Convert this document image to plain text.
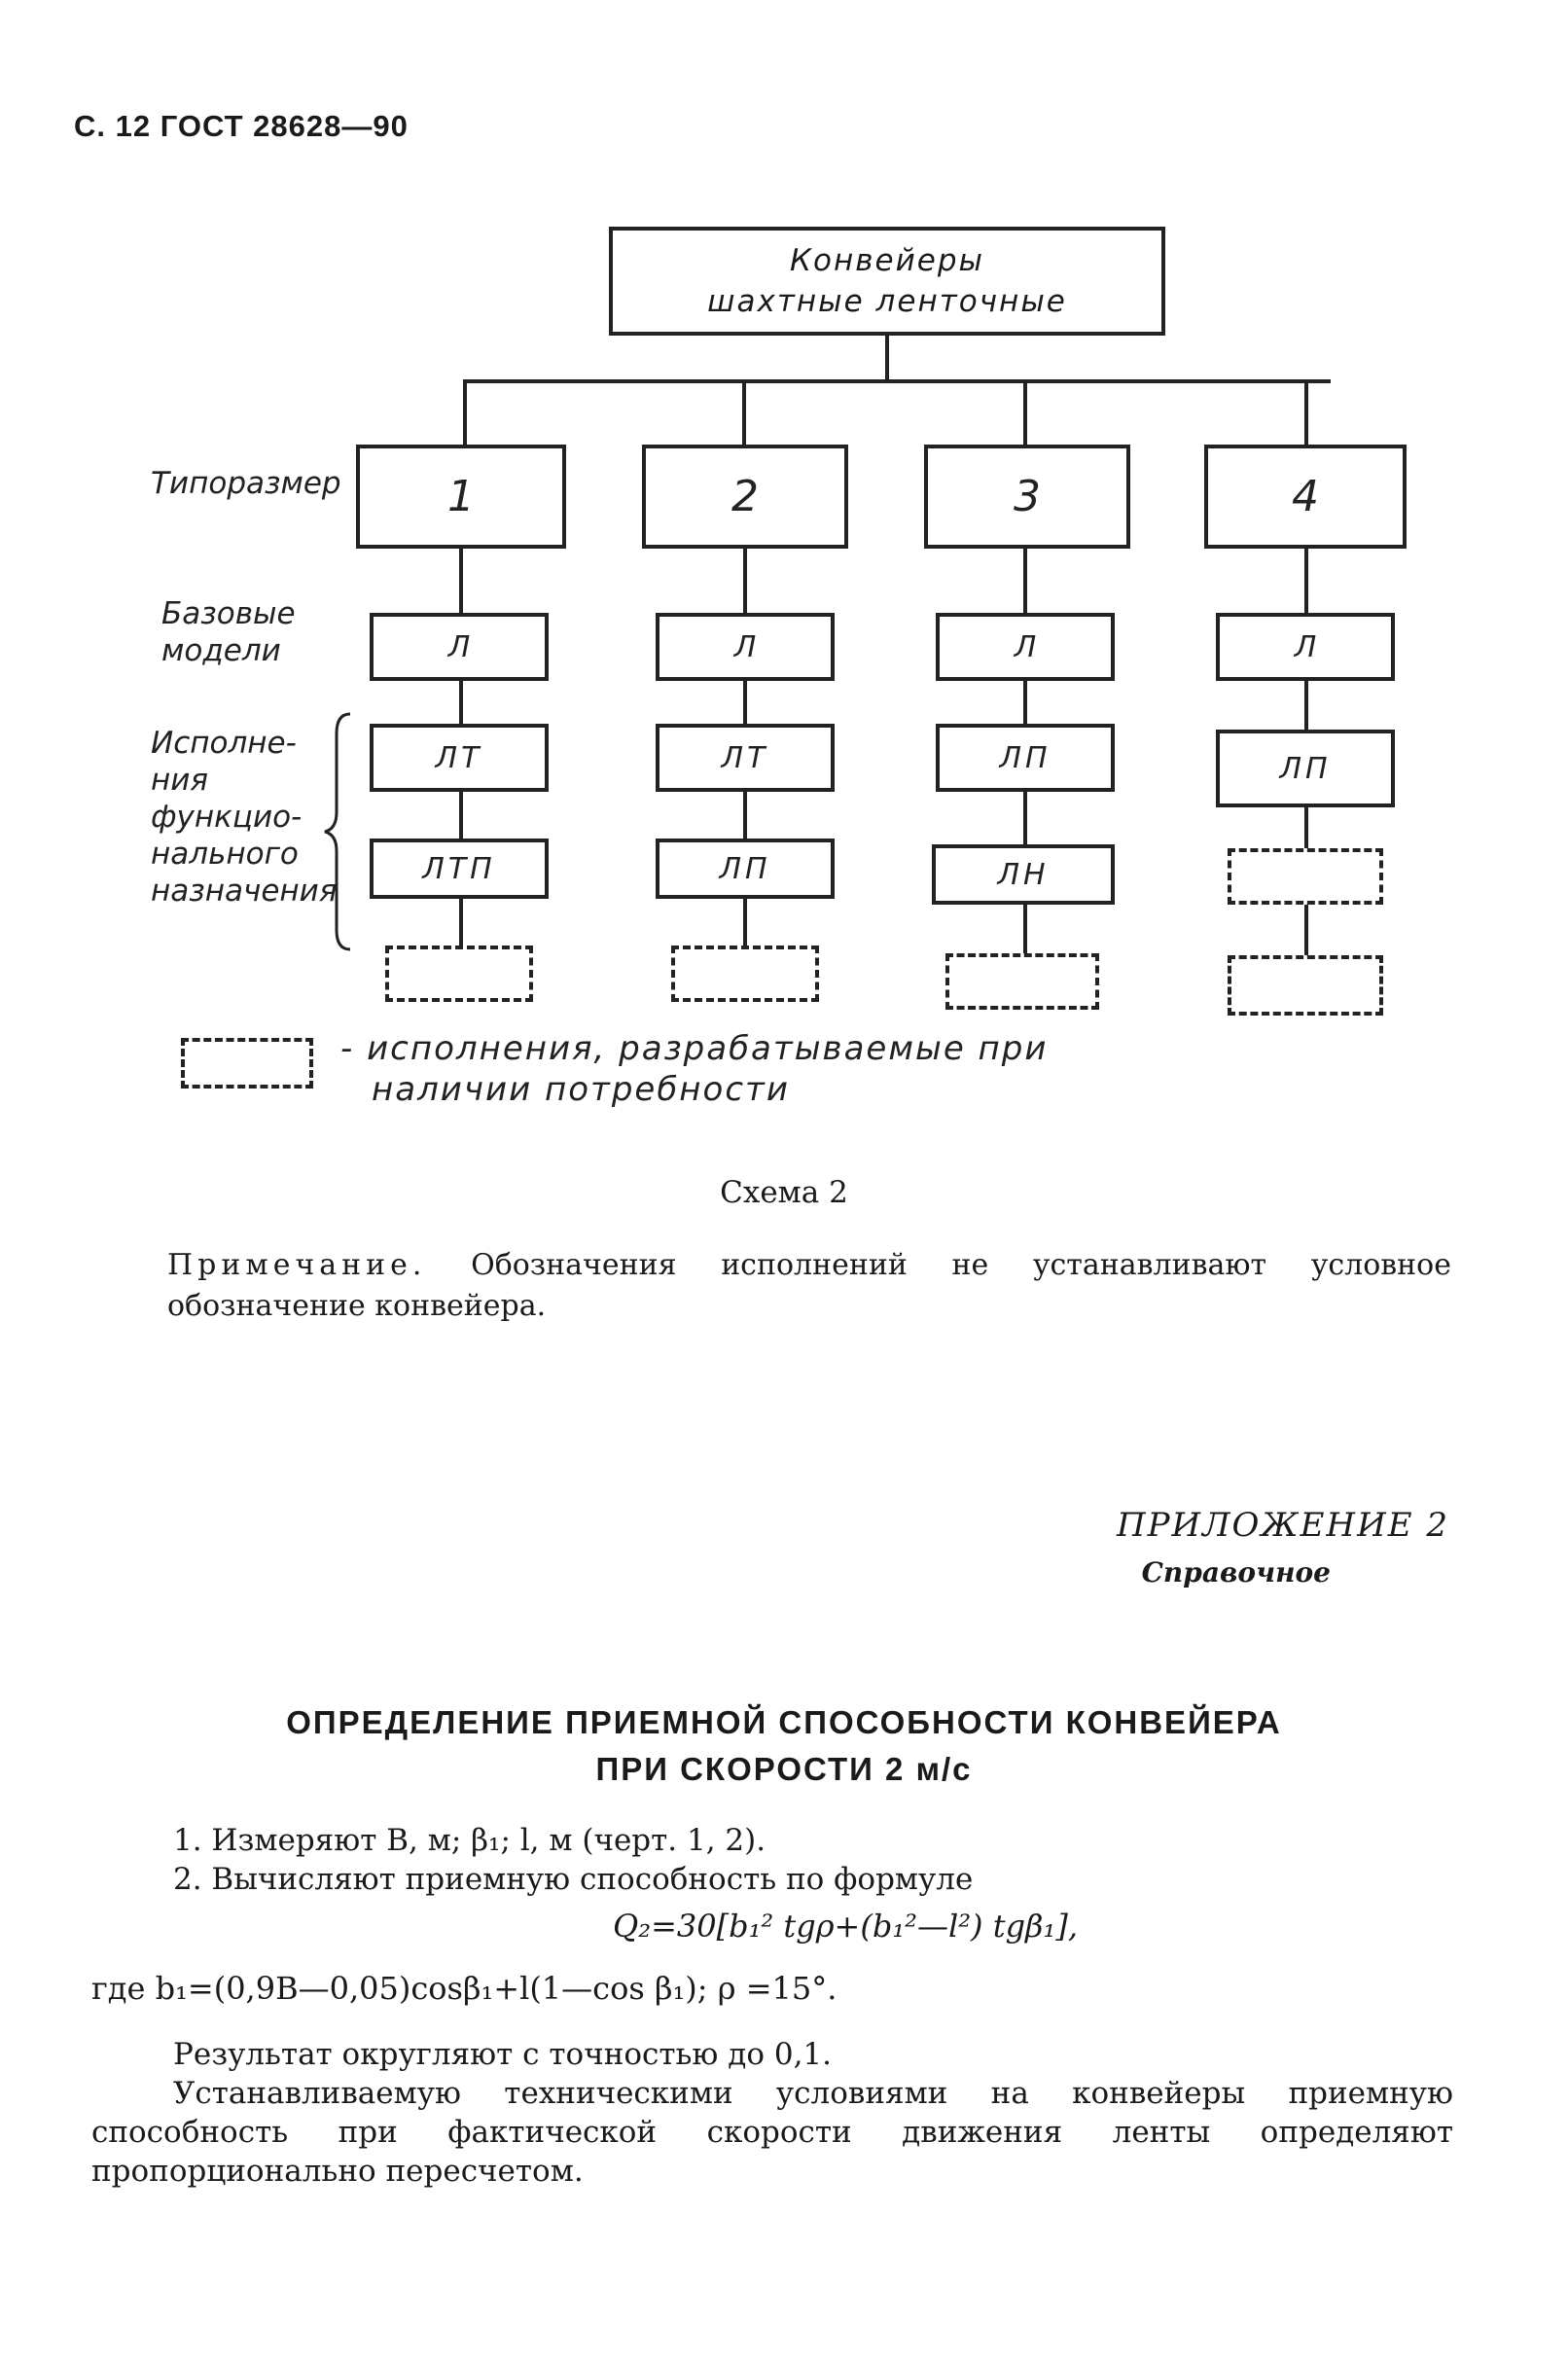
С. 12 ГОСТ 28628—90
Конвейеры
шахтные ленточные
Типоразмер
Базовые
модели
Исполне-
ния
функцио-
нального
назначения
1
Л
ЛТ
ЛТП
2
Л
ЛТ
ЛП
3
Л
ЛП
ЛН
4
Л
ЛП
- исполнения, разрабатываемые при
наличии потребности
Схема 2
Примечание. Обозначения исполнений не устанавливают условное обозначение конвейера.
ПРИЛОЖЕНИЕ 2
Справочное
ОПРЕДЕЛЕНИЕ ПРИЕМНОЙ СПОСОБНОСТИ КОНВЕЙЕРА
ПРИ СКОРОСТИ 2 м/с
1. Измеряют B, м; β₁; l, м (черт. 1, 2).
2. Вычисляют приемную способность по формуле
Q₂=30[b₁² tgρ+(b₁²—l²) tgβ₁],
где b₁=(0,9B—0,05)cosβ₁+l(1—cos β₁); ρ =15°.
Результат округляют с точностью до 0,1.
Устанавливаемую техническими условиями на конвейеры приемную способность при фактической скорости движения ленты определяют пропорционально пересчетом.
